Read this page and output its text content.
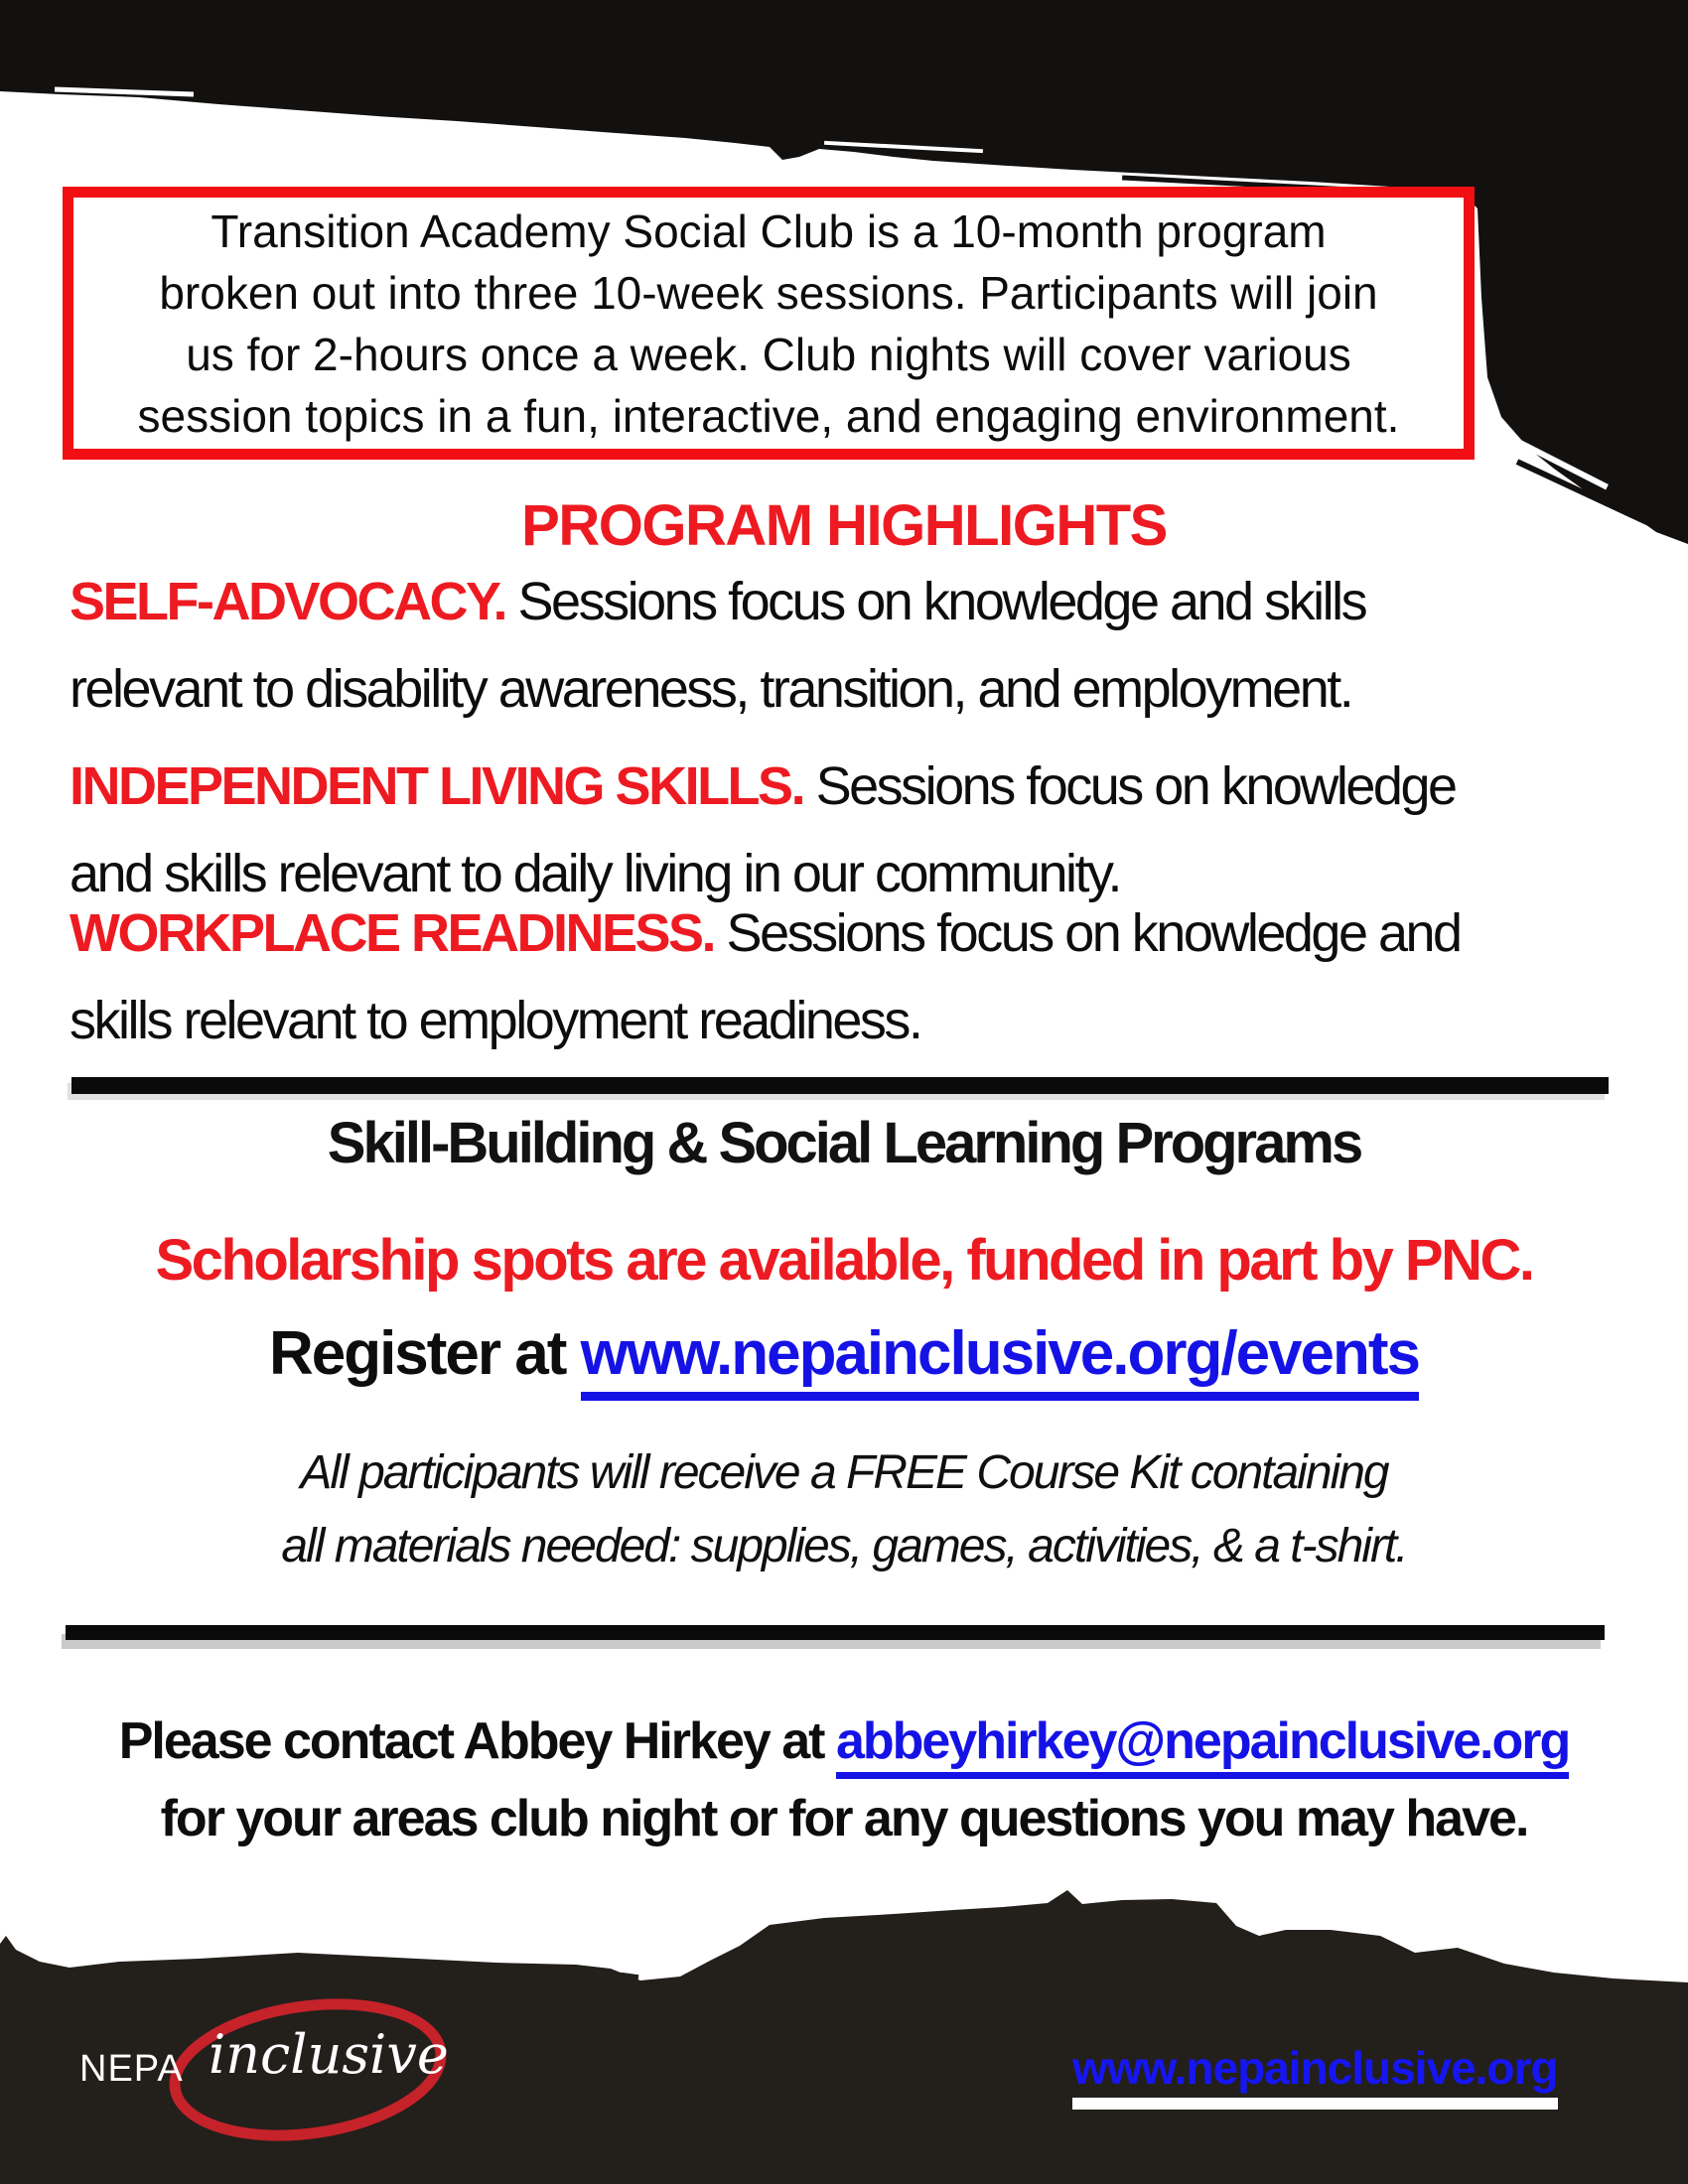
Transition Academy Social Club is a 10-month program
broken out into three 10-week sessions. Participants will join
us for 2-hours once a week. Club nights will cover various
session topics in a fun, interactive, and engaging environment.
PROGRAM HIGHLIGHTS
SELF-ADVOCACY. Sessions focus on knowledge and skills
relevant to disability awareness, transition, and employment.
INDEPENDENT LIVING SKILLS. Sessions focus on knowledge
and skills relevant to daily living in our community.
WORKPLACE READINESS. Sessions focus on knowledge and
skills relevant to employment readiness.
Skill-Building & Social Learning Programs
Scholarship spots are available, funded in part by PNC.
Register at www.nepainclusive.org/events
All participants will receive a FREE Course Kit containing
all materials needed: supplies, games, activities, & a t-shirt.
Please contact Abbey Hirkey at abbeyhirkey@nepainclusive.org
for your areas club night or for any questions you may have.
NEPA inclusive	www.nepainclusive.org
